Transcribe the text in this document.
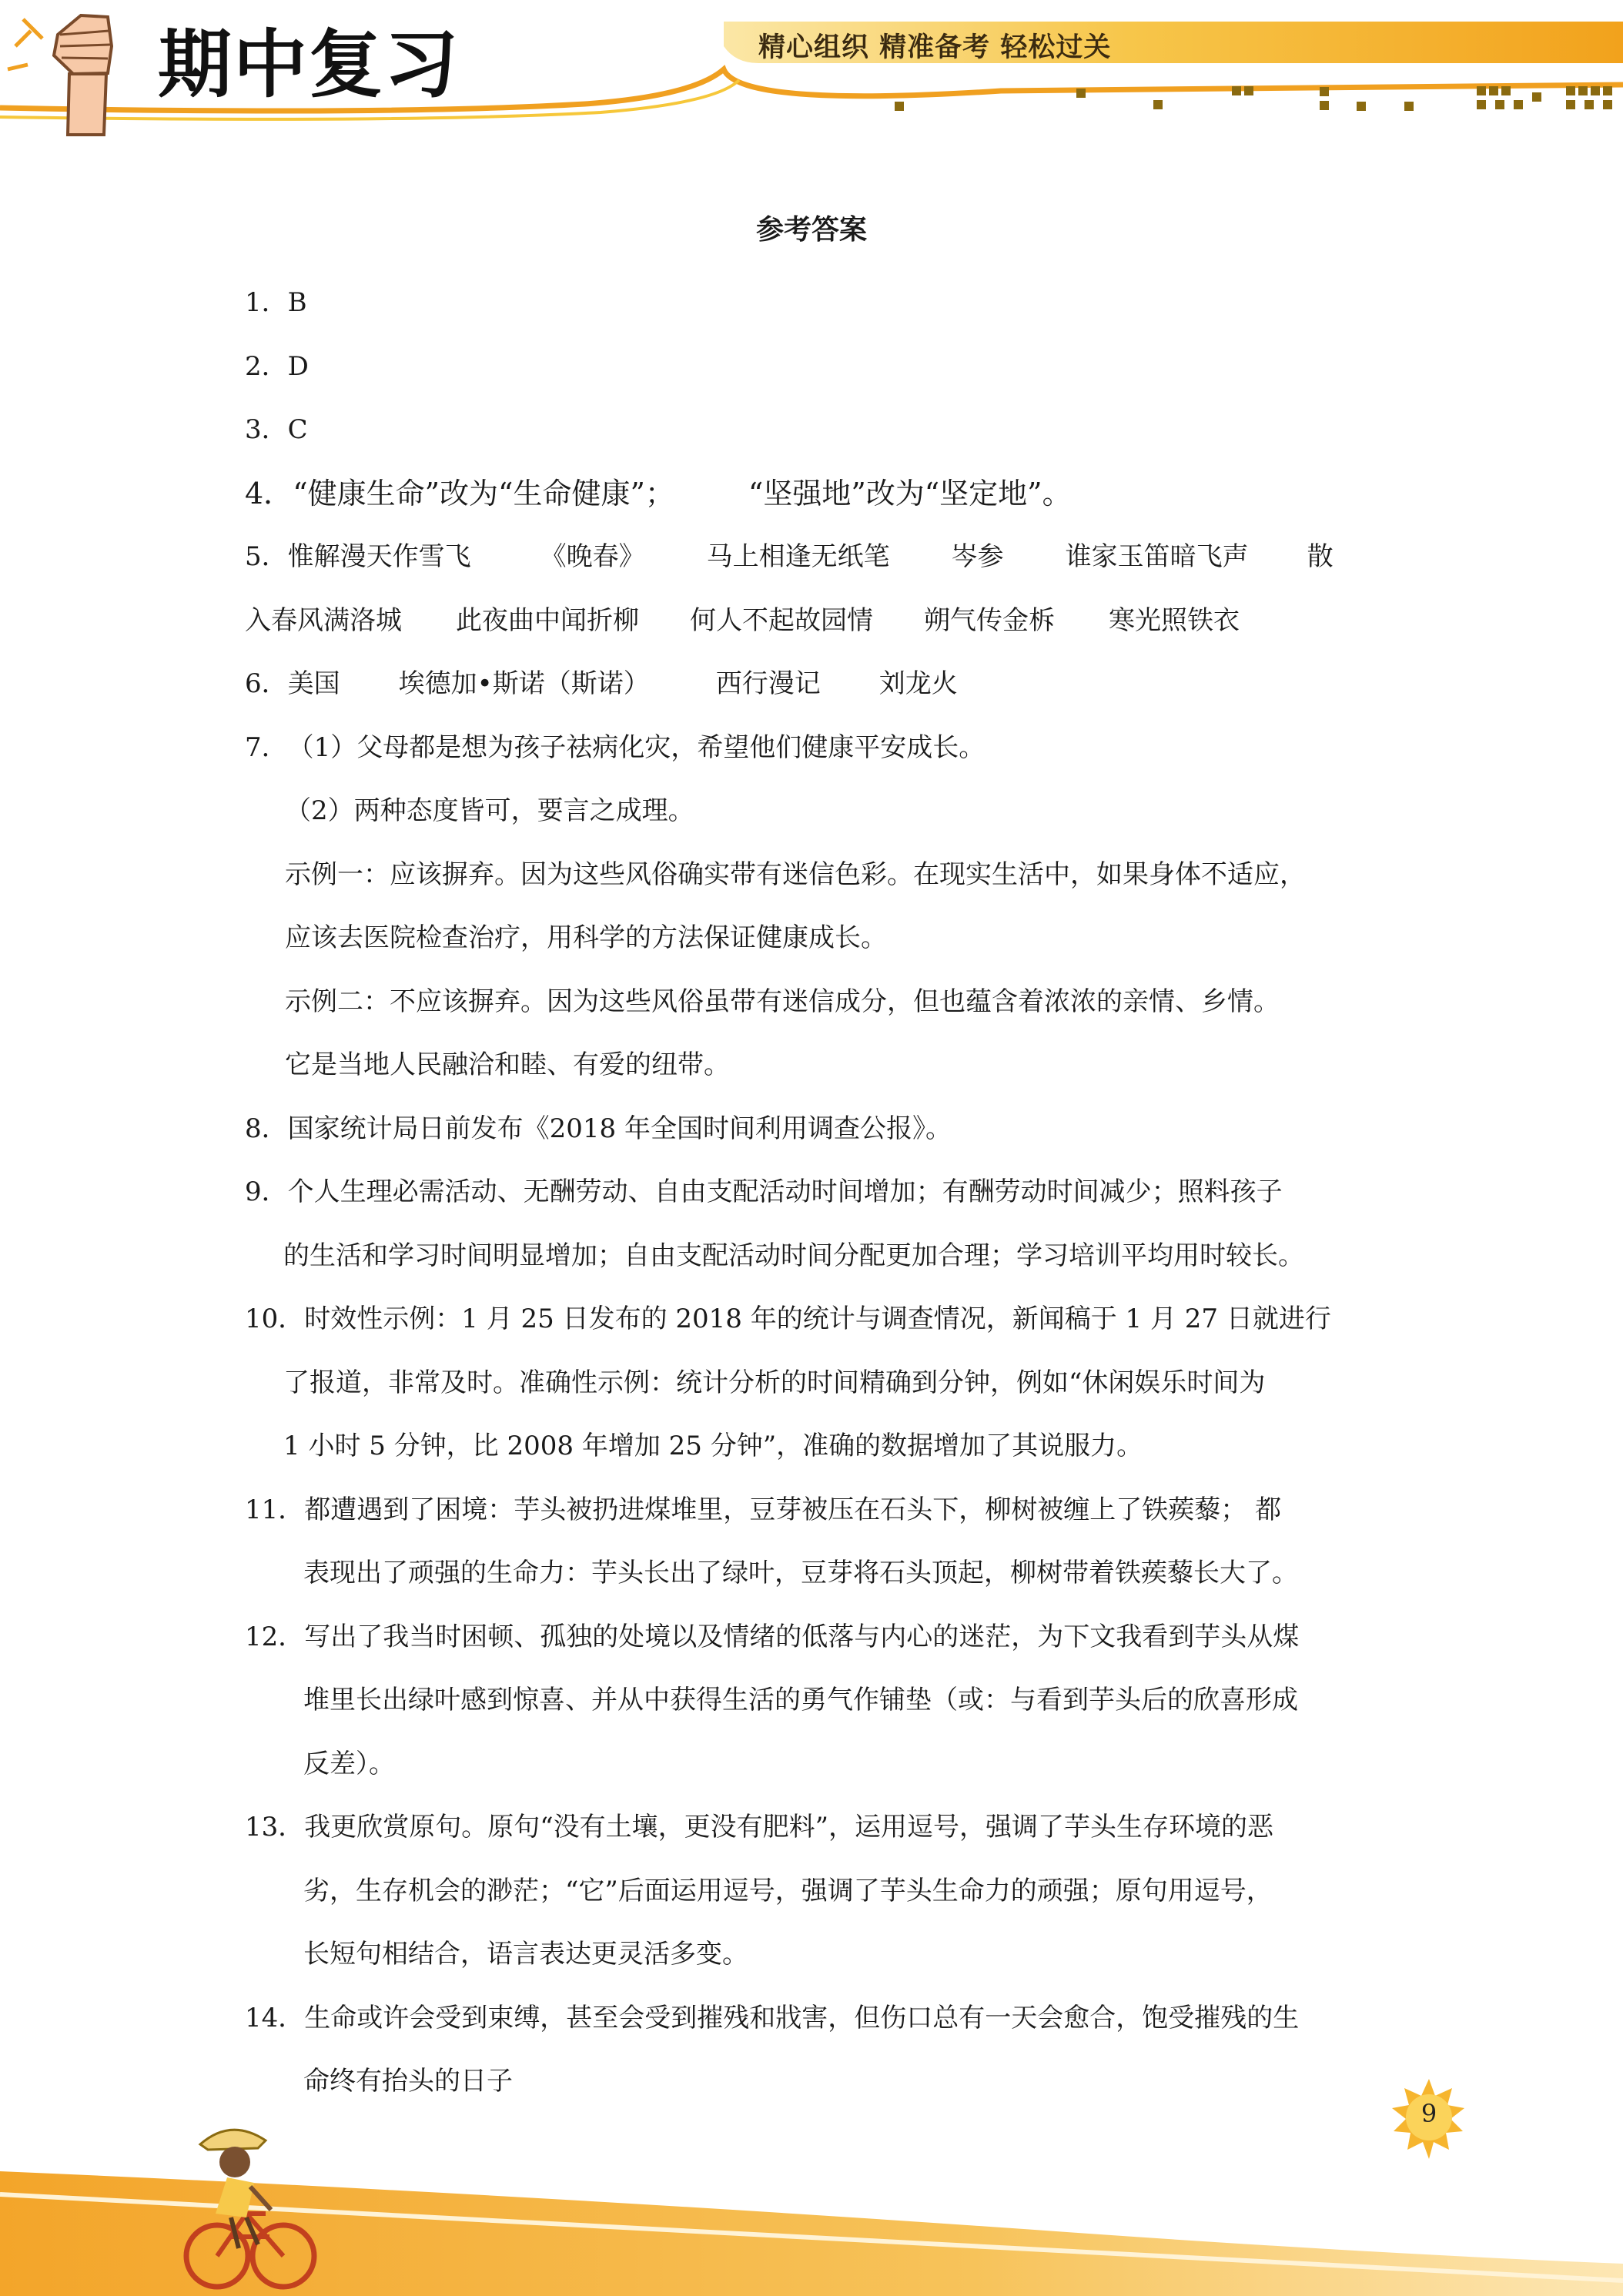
期中复习	精心组织 精准备考 轻松过关
参考答案
1．B
2．D
3．C
4．“健康生命”改为“生命健康”；	“坚强地”改为“坚定地”。
5．惟解漫天作雪飞	《晚春》 马上相逢无纸笔 岑参 谁家玉笛暗飞声 散
入春风满洛城 此夜曲中闻折柳 何人不起故园情 朔气传金柝 寒光照铁衣
6．美国 埃德加•斯诺（斯诺）	西行漫记 刘龙火
7．（1）父母都是想为孩子祛病化灾，希望他们健康平安成长。
（2）两种态度皆可，要言之成理。
示例一：应该摒弃。因为这些风俗确实带有迷信色彩。在现实生活中，如果身体不适应，
应该去医院检查治疗，用科学的方法保证健康成长。
示例二：不应该摒弃。因为这些风俗虽带有迷信成分，但也蕴含着浓浓的亲情、乡情。
它是当地人民融洽和睦、有爱的纽带。
8．国家统计局日前发布《2018 年全国时间利用调查公报》。
9．个人生理必需活动、无酬劳动、自由支配活动时间增加；有酬劳动时间减少；照料孩子
的生活和学习时间明显增加；自由支配活动时间分配更加合理；学习培训平均用时较长。
10．时效性示例：1 月 25 日发布的 2018 年的统计与调查情况，新闻稿于 1 月 27 日就进行
了报道，非常及时。准确性示例：统计分析的时间精确到分钟，例如“休闲娱乐时间为
1 小时 5 分钟，比 2008 年增加 25 分钟”，准确的数据增加了其说服力。
11．都遭遇到了困境：芋头被扔进煤堆里，豆芽被压在石头下，柳树被缠上了铁蒺藜； 都
表现出了顽强的生命力：芋头长出了绿叶，豆芽将石头顶起，柳树带着铁蒺藜长大了。
12．写出了我当时困顿、孤独的处境以及情绪的低落与内心的迷茫，为下文我看到芋头从煤
堆里长出绿叶感到惊喜、并从中获得生活的勇气作铺垫（或：与看到芋头后的欣喜形成
反差）。
13．我更欣赏原句。原句“没有土壤，更没有肥料”，运用逗号，强调了芋头生存环境的恶
劣，生存机会的渺茫；“它”后面运用逗号，强调了芋头生命力的顽强；原句用逗号，
长短句相结合，语言表达更灵活多变。
14．生命或许会受到束缚，甚至会受到摧残和戕害，但伤口总有一天会愈合，饱受摧残的生
命终有抬头的日子
9
